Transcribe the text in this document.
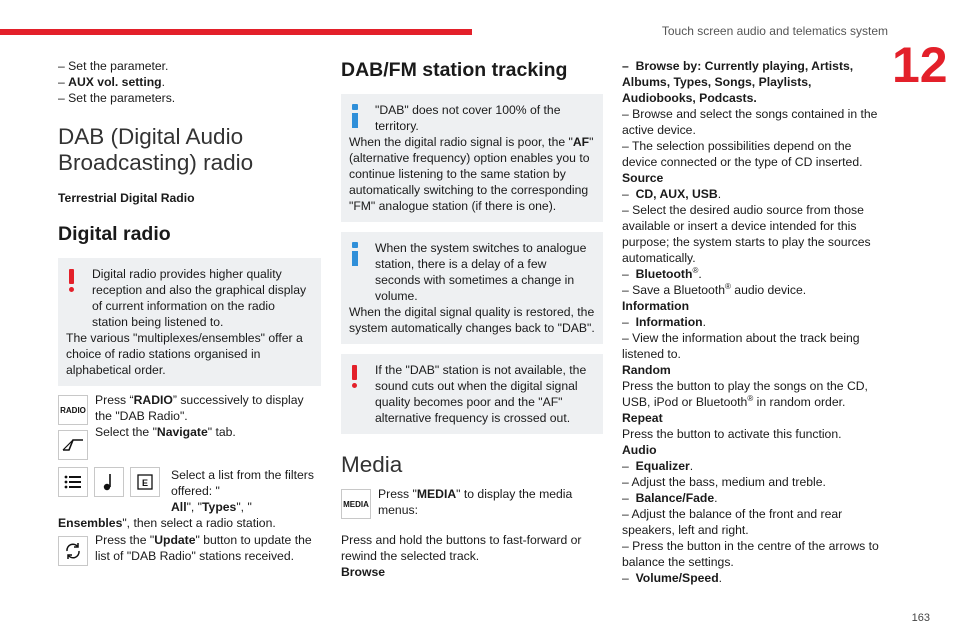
Touch screen audio and telematics system
12

– Set the parameter.

– AUX vol. setting.

– Set the parameters.

DAB (Digital Audio Broadcasting) radio

Terrestrial Digital Radio

Digital radio
Digital radio provides higher quality reception and also the graphical display of current information on the radio station being listened to.
The various "multiplexes/ensembles" offer a choice of radio stations organised in alphabetical order.
RADIO
Press “RADIO” successively to display the "DAB Radio".
Select the "Navigate" tab.
E
Select a list from the filters offered: "
All", "Types", "
Ensembles", then select a radio station.
Press the "Update" button to update the list of "DAB Radio" stations received.
DAB/FM station tracking
"DAB" does not cover 100% of the territory.
When the digital radio signal is poor, the "AF" (alternative frequency) option enables you to continue listening to the same station by automatically switching to the corresponding "FM" analogue station (if there is one).
When the system switches to analogue station, there is a delay of a few seconds with sometimes a change in volume.
When the digital signal quality is restored, the system automatically changes back to "DAB".
If the "DAB" station is not available, the sound cuts out when the digital signal quality becomes poor and the "AF" alternative frequency is crossed out.
Media
MEDIA
Press "MEDIA" to display the media menus:

Press and hold the buttons to fast-forward or rewind the selected track.

Browse

–  Browse by: Currently playing, Artists, Albums, Types, Songs, Playlists, Audiobooks, Podcasts.

– Browse and select the songs contained in the active device.

– The selection possibilities depend on the device connected or the type of CD inserted.

Source

–  CD, AUX, USB.

– Select the desired audio source from those available or insert a device intended for this purpose; the system starts to play the sources automatically.

–  Bluetooth®.

– Save a Bluetooth® audio device.

Information

–  Information.

– View the information about the track being listened to.

Random

Press the button to play the songs on the CD, USB, iPod or Bluetooth® in random order.

Repeat

Press the button to activate this function.

Audio

–  Equalizer.

– Adjust the bass, medium and treble.

–  Balance/Fade.

– Adjust the balance of the front and rear speakers, left and right.

– Press the button in the centre of the arrows to balance the settings.

–  Volume/Speed.

163
